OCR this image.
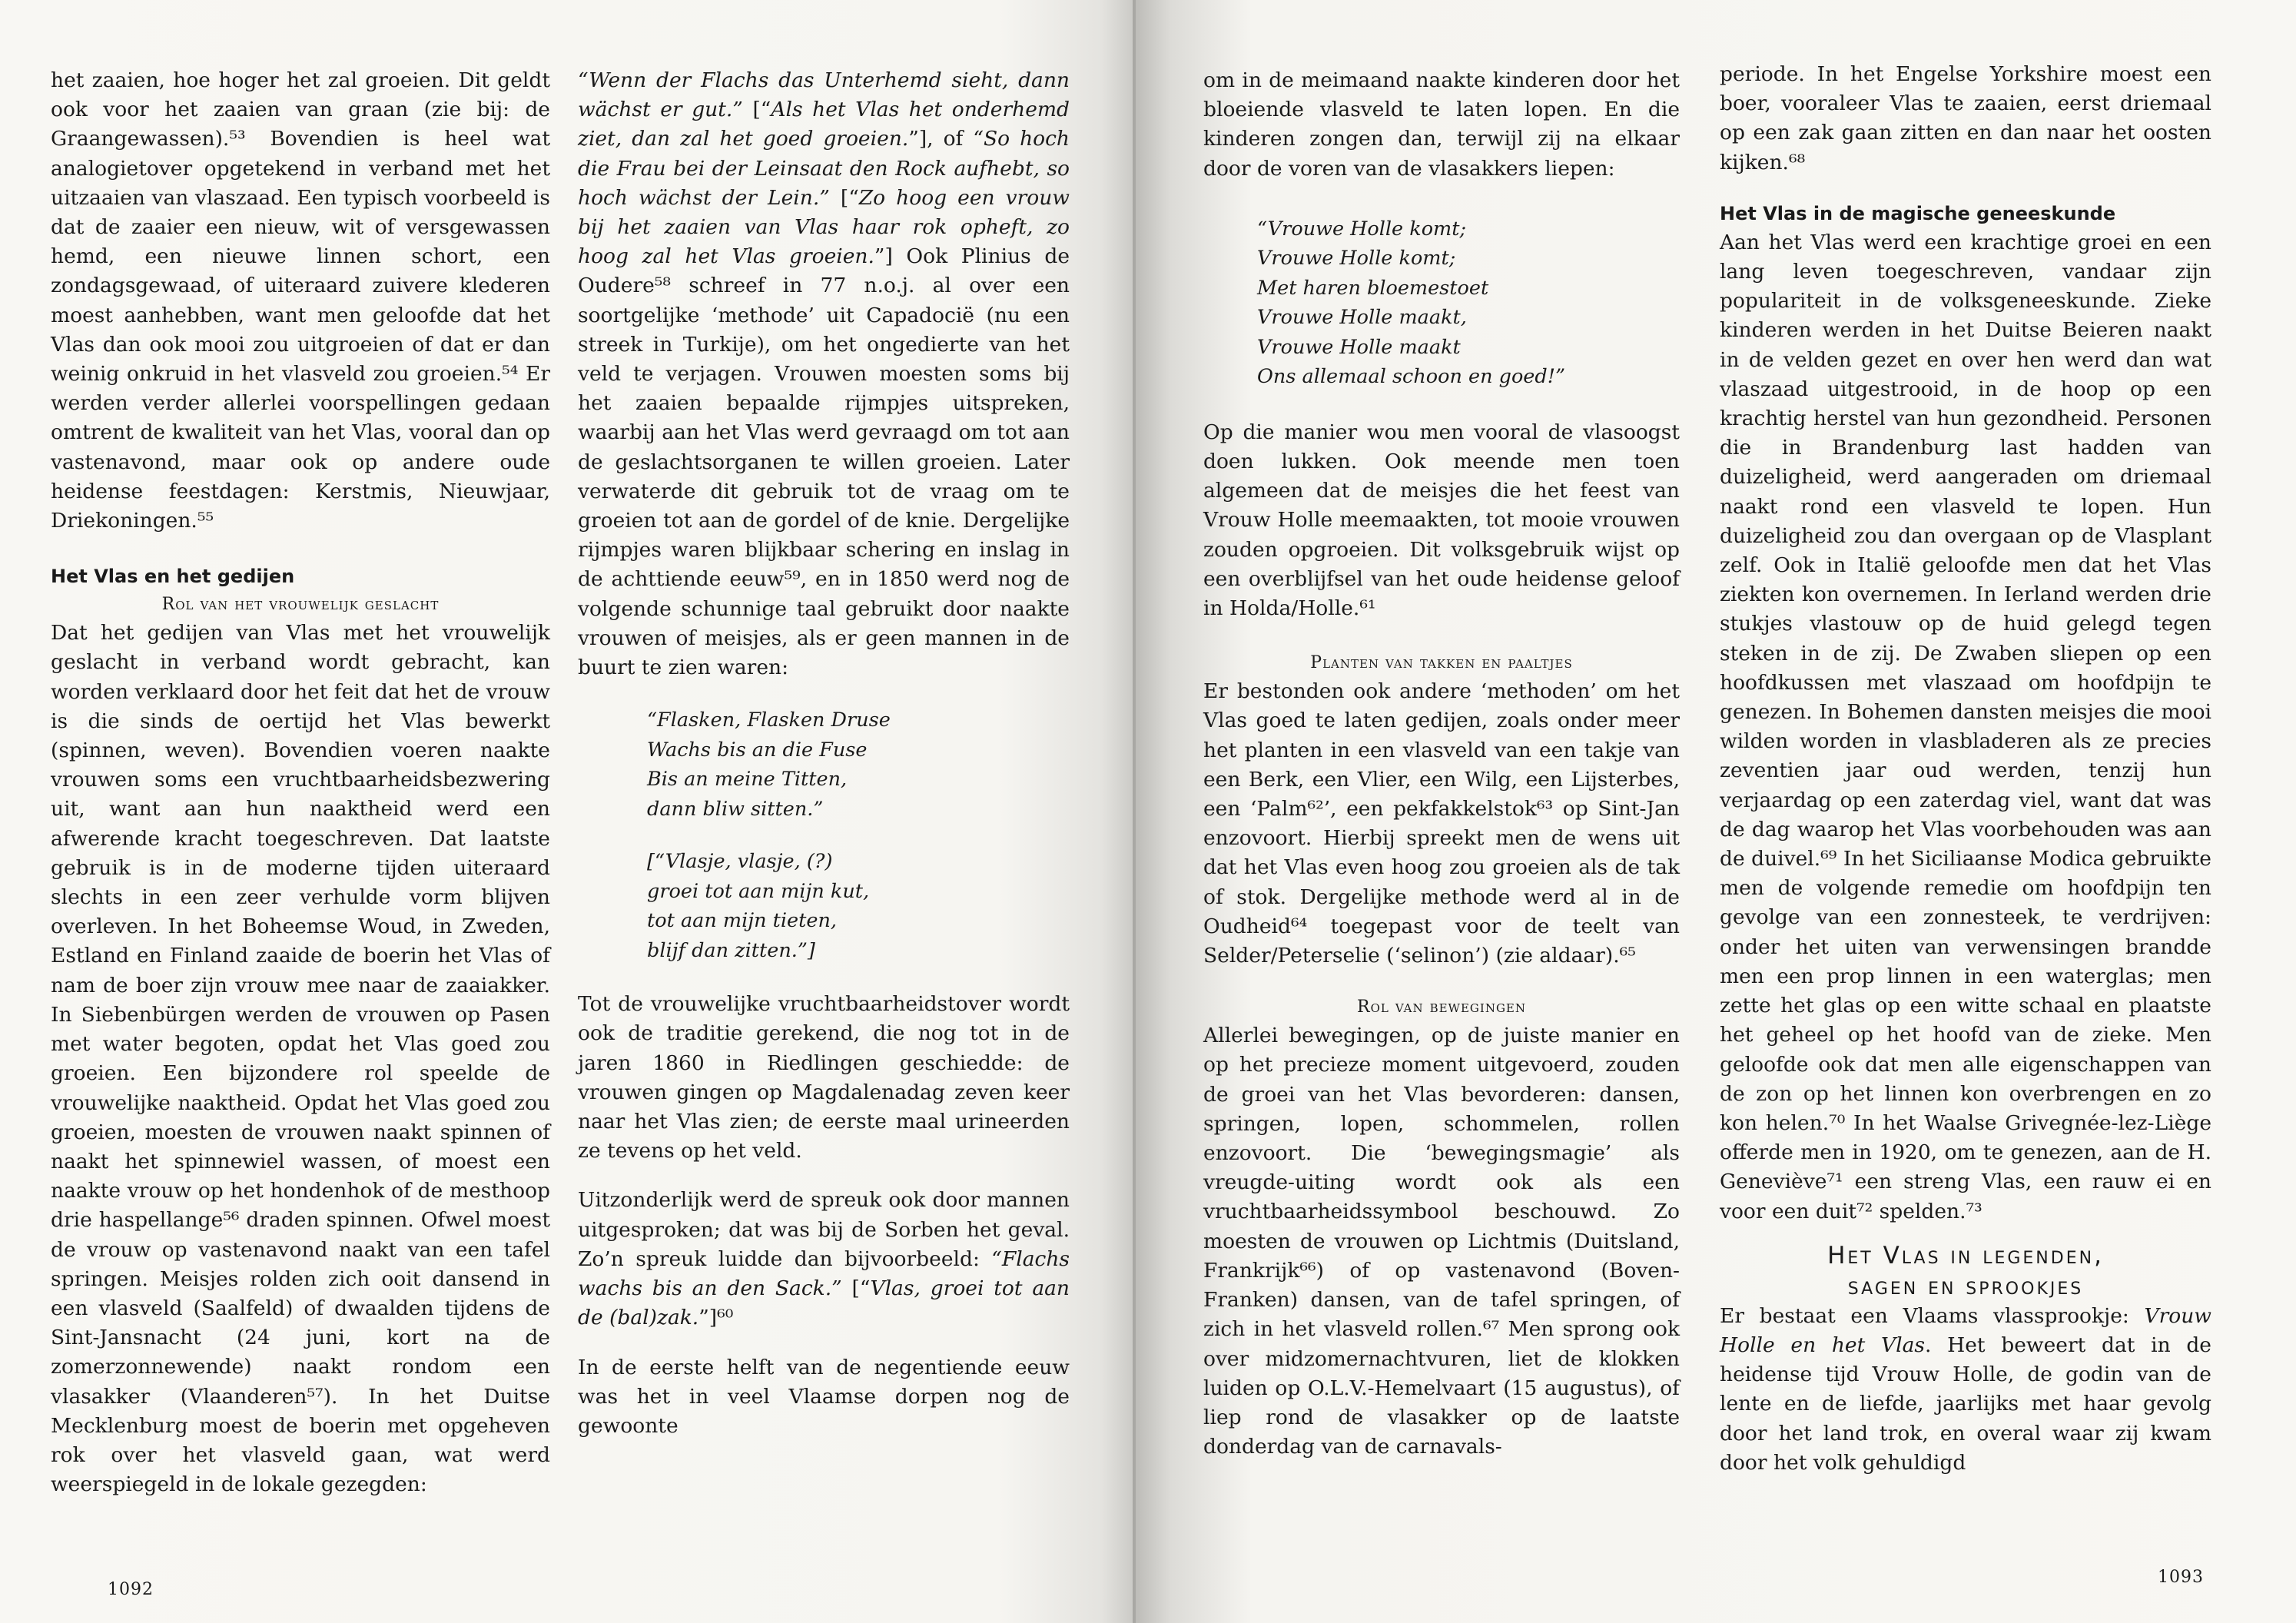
het zaaien, hoe hoger het zal groeien. Dit geldt ook voor het zaaien van graan (zie bij: de Graangewassen).⁵³ Bovendien is heel wat analogietover opgetekend in verband met het uitzaaien van vlaszaad. Een typisch voorbeeld is dat de zaaier een nieuw, wit of versgewassen hemd, een nieuwe linnen schort, een zondagsgewaad, of uiteraard zuivere klederen moest aanhebben, want men geloofde dat het Vlas dan ook mooi zou uitgroeien of dat er dan weinig onkruid in het vlasveld zou groeien.⁵⁴ Er werden verder allerlei voorspellingen gedaan omtrent de kwaliteit van het Vlas, vooral dan op vastenavond, maar ook op andere oude heidense feestdagen: Kerstmis, Nieuwjaar, Driekoningen.⁵⁵

Het Vlas en het gedijen
Rol van het vrouwelijk geslacht

Dat het gedijen van Vlas met het vrouwelijk geslacht in verband wordt gebracht, kan worden verklaard door het feit dat het de vrouw is die sinds de oertijd het Vlas bewerkt (spinnen, weven). Bovendien voeren naakte vrouwen soms een vruchtbaarheidsbezwering uit, want aan hun naaktheid werd een afwerende kracht toegeschreven. Dat laatste gebruik is in de moderne tijden uiteraard slechts in een zeer verhulde vorm blijven overleven. In het Boheemse Woud, in Zweden, Estland en Finland zaaide de boerin het Vlas of nam de boer zijn vrouw mee naar de zaaiakker. In Siebenbürgen werden de vrouwen op Pasen met water begoten, opdat het Vlas goed zou groeien. Een bijzondere rol speelde de vrouwelijke naaktheid. Opdat het Vlas goed zou groeien, moesten de vrouwen naakt spinnen of naakt het spinnewiel wassen, of moest een naakte vrouw op het hondenhok of de mesthoop drie haspellange⁵⁶ draden spinnen. Ofwel moest de vrouw op vastenavond naakt van een tafel springen. Meisjes rolden zich ooit dansend in een vlasveld (Saalfeld) of dwaalden tijdens de Sint-Jansnacht (24 juni, kort na de zomerzonnewende) naakt rondom een vlasakker (Vlaanderen⁵⁷). In het Duitse Mecklenburg moest de boerin met opgeheven rok over het vlasveld gaan, wat werd weerspiegeld in de lokale gezegden:

“Wenn der Flachs das Unterhemd sieht, dann wächst er gut.” [“Als het Vlas het onderhemd ziet, dan zal het goed groeien.”], of “So hoch die Frau bei der Leinsaat den Rock aufhebt, so hoch wächst der Lein.” [“Zo hoog een vrouw bij het zaaien van Vlas haar rok opheft, zo hoog zal het Vlas groeien.”] Ook Plinius de Oudere⁵⁸ schreef in 77 n.o.j. al over een soortgelijke ‘methode’ uit Capadocië (nu een streek in Turkije), om het ongedierte van het veld te verjagen. Vrouwen moesten soms bij het zaaien bepaalde rijmpjes uitspreken, waarbij aan het Vlas werd gevraagd om tot aan de geslachtsorganen te willen groeien. Later verwaterde dit gebruik tot de vraag om te groeien tot aan de gordel of de knie. Dergelijke rijmpjes waren blijkbaar schering en inslag in de achttiende eeuw⁵⁹, en in 1850 werd nog de volgende schunnige taal gebruikt door naakte vrouwen of meisjes, als er geen mannen in de buurt te zien waren:

“Flasken, Flasken Druse
Wachs bis an die Fuse
Bis an meine Titten,
dann bliw sitten.”
[“Vlasje, vlasje, (?)
groei tot aan mijn kut,
tot aan mijn tieten,
blijf dan zitten.”]

Tot de vrouwelijke vruchtbaarheidstover wordt ook de traditie gerekend, die nog tot in de jaren 1860 in Riedlingen geschiedde: de vrouwen gingen op Magdalenadag zeven keer naar het Vlas zien; de eerste maal urineerden ze tevens op het veld.

Uitzonderlijk werd de spreuk ook door mannen uitgesproken; dat was bij de Sorben het geval. Zo’n spreuk luidde dan bijvoorbeeld: “Flachs wachs bis an den Sack.” [“Vlas, groei tot aan de (bal)zak.”]⁶⁰

In de eerste helft van de negentiende eeuw was het in veel Vlaamse dorpen nog de gewoonte

1092

om in de meimaand naakte kinderen door het bloeiende vlasveld te laten lopen. En die kinderen zongen dan, terwijl zij na elkaar door de voren van de vlasakkers liepen:

“Vrouwe Holle komt;
Vrouwe Holle komt;
Met haren bloemestoet
Vrouwe Holle maakt,
Vrouwe Holle maakt
Ons allemaal schoon en goed!”

Op die manier wou men vooral de vlasoogst doen lukken. Ook meende men toen algemeen dat de meisjes die het feest van Vrouw Holle meemaakten, tot mooie vrouwen zouden opgroeien. Dit volksgebruik wijst op een overblijfsel van het oude heidense geloof in Holda/Holle.⁶¹

Planten van takken en paaltjes

Er bestonden ook andere ‘methoden’ om het Vlas goed te laten gedijen, zoals onder meer het planten in een vlasveld van een takje van een Berk, een Vlier, een Wilg, een Lijsterbes, een ‘Palm⁶²’, een pekfakkelstok⁶³ op Sint-Jan enzovoort. Hierbij spreekt men de wens uit dat het Vlas even hoog zou groeien als de tak of stok. Dergelijke methode werd al in de Oudheid⁶⁴ toegepast voor de teelt van Selder/Peterselie (‘selinon’) (zie aldaar).⁶⁵

Rol van bewegingen

Allerlei bewegingen, op de juiste manier en op het precieze moment uitgevoerd, zouden de groei van het Vlas bevorderen: dansen, springen, lopen, schommelen, rollen enzovoort. Die ‘bewegingsmagie’ als vreugde-uiting wordt ook als een vruchtbaarheidssymbool beschouwd. Zo moesten de vrouwen op Lichtmis (Duitsland, Frankrijk⁶⁶) of op vastenavond (Boven-Franken) dansen, van de tafel springen, of zich in het vlasveld rollen.⁶⁷ Men sprong ook over midzomernachtvuren, liet de klokken luiden op O.L.V.-Hemelvaart (15 augustus), of liep rond de vlasakker op de laatste donderdag van de carnavals-

periode. In het Engelse Yorkshire moest een boer, vooraleer Vlas te zaaien, eerst driemaal op een zak gaan zitten en dan naar het oosten kijken.⁶⁸

Het Vlas in de magische geneeskunde

Aan het Vlas werd een krachtige groei en een lang leven toegeschreven, vandaar zijn populariteit in de volksgeneeskunde. Zieke kinderen werden in het Duitse Beieren naakt in de velden gezet en over hen werd dan wat vlaszaad uitgestrooid, in de hoop op een krachtig herstel van hun gezondheid. Personen die in Brandenburg last hadden van duizeligheid, werd aangeraden om driemaal naakt rond een vlasveld te lopen. Hun duizeligheid zou dan overgaan op de Vlasplant zelf. Ook in Italië geloofde men dat het Vlas ziekten kon overnemen. In Ierland werden drie stukjes vlastouw op de huid gelegd tegen steken in de zij. De Zwaben sliepen op een hoofdkussen met vlaszaad om hoofdpijn te genezen. In Bohemen dansten meisjes die mooi wilden worden in vlasbladeren als ze precies zeventien jaar oud werden, tenzij hun verjaardag op een zaterdag viel, want dat was de dag waarop het Vlas voorbehouden was aan de duivel.⁶⁹ In het Siciliaanse Modica gebruikte men de volgende remedie om hoofdpijn ten gevolge van een zonnesteek, te verdrijven: onder het uiten van verwensingen brandde men een prop linnen in een waterglas; men zette het glas op een witte schaal en plaatste het geheel op het hoofd van de zieke. Men geloofde ook dat men alle eigenschappen van de zon op het linnen kon overbrengen en zo kon helen.⁷⁰ In het Waalse Grivegnée-lez-Liège offerde men in 1920, om te genezen, aan de H. Geneviève⁷¹ een streng Vlas, een rauw ei en voor een duit⁷² spelden.⁷³

Het Vlas in legenden,
sagen en sprookjes

Er bestaat een Vlaams vlassprookje: Vrouw Holle en het Vlas. Het beweert dat in de heidense tijd Vrouw Holle, de godin van de lente en de liefde, jaarlijks met haar gevolg door het land trok, en overal waar zij kwam door het volk gehuldigd

1093
